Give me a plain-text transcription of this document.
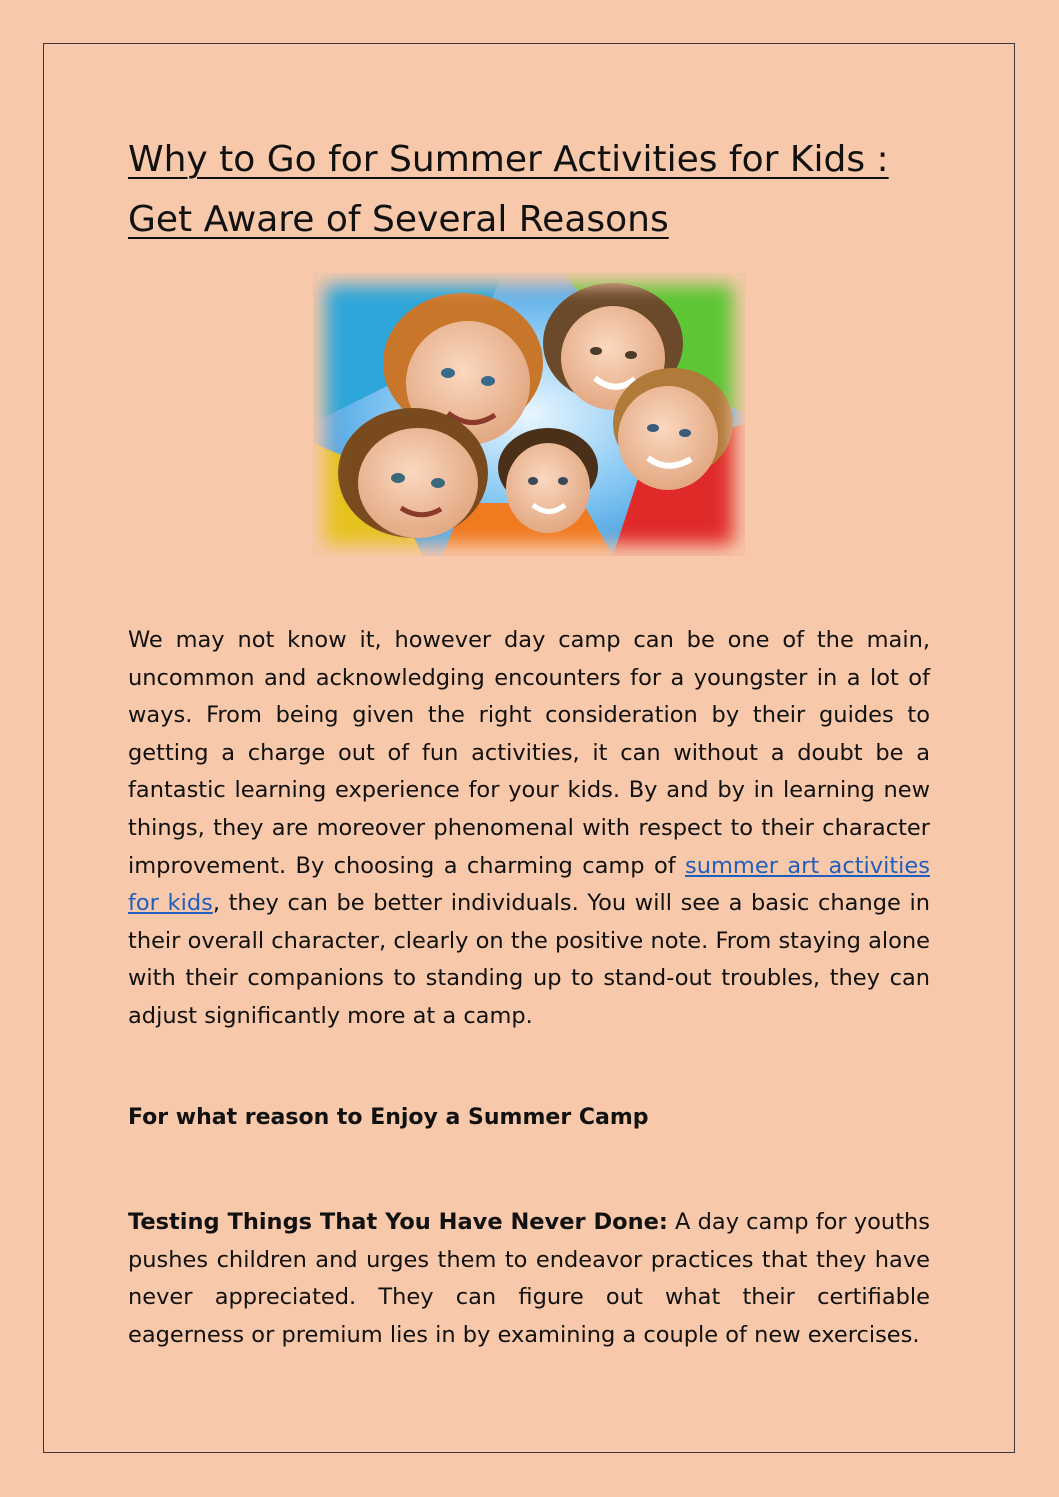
Why to Go for Summer Activities for Kids : Get Aware of Several Reasons

We may not know it, however day camp can be one of the main, uncommon and acknowledging encounters for a youngster in a lot of ways. From being given the right consideration by their guides to getting a charge out of fun activities, it can without a doubt be a fantastic learning experience for your kids. By and by in learning new things, they are moreover phenomenal with respect to their character improvement. By choosing a charming camp of summer art activities for kids, they can be better individuals. You will see a basic change in their overall character, clearly on the positive note. From staying alone with their companions to standing up to stand-out troubles, they can adjust significantly more at a camp.

For what reason to Enjoy a Summer Camp

Testing Things That You Have Never Done: A day camp for youths pushes children and urges them to endeavor practices that they have never appreciated. They can figure out what their certifiable eagerness or premium lies in by examining a couple of new exercises.
